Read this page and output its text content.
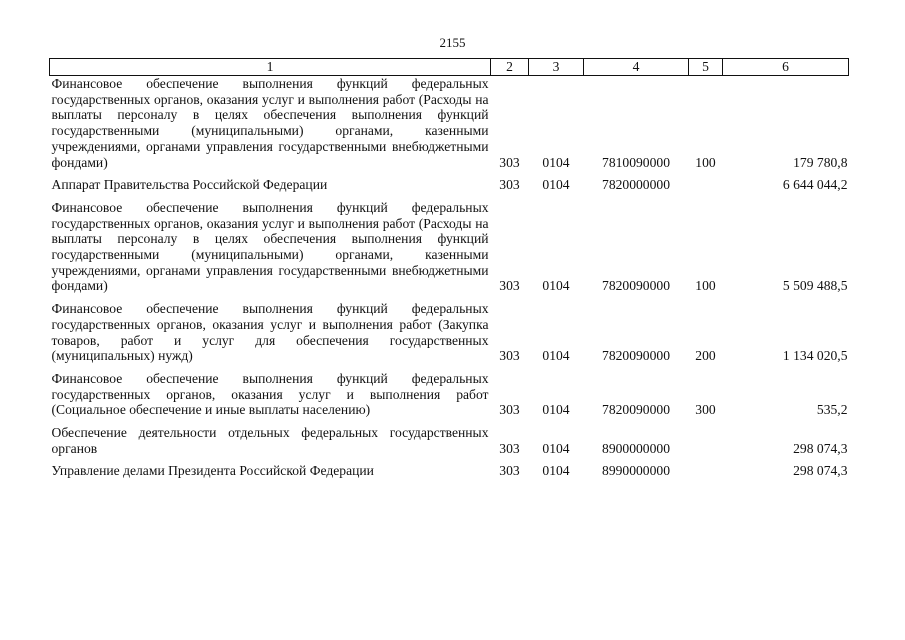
2155
1	2	3	4	5	6
Финансовое обеспечение выполнения функций федеральных государственных органов, оказания услуг и выполнения работ (Расходы на выплаты персоналу в целях обеспечения выполнения функций государственными (муниципальными) органами, казенными учреждениями, органами управления государственными внебюджетными фондами)	303	0104	7810090000	100	179 780,8
Аппарат Правительства Российской Федерации	303	0104	7820000000		6 644 044,2
Финансовое обеспечение выполнения функций федеральных государственных органов, оказания услуг и выполнения работ (Расходы на выплаты персоналу в целях обеспечения выполнения функций государственными (муниципальными) органами, казенными учреждениями, органами управления государственными внебюджетными фондами)	303	0104	7820090000	100	5 509 488,5
Финансовое обеспечение выполнения функций федеральных государственных органов, оказания услуг и выполнения работ (Закупка товаров, работ и услуг для обеспечения государственных (муниципальных) нужд)	303	0104	7820090000	200	1 134 020,5
Финансовое обеспечение выполнения функций федеральных государственных органов, оказания услуг и выполнения работ (Социальное обеспечение и иные выплаты населению)	303	0104	7820090000	300	535,2
Обеспечение деятельности отдельных федеральных государственных органов	303	0104	8900000000		298 074,3
Управление делами Президента Российской Федерации	303	0104	8990000000		298 074,3
